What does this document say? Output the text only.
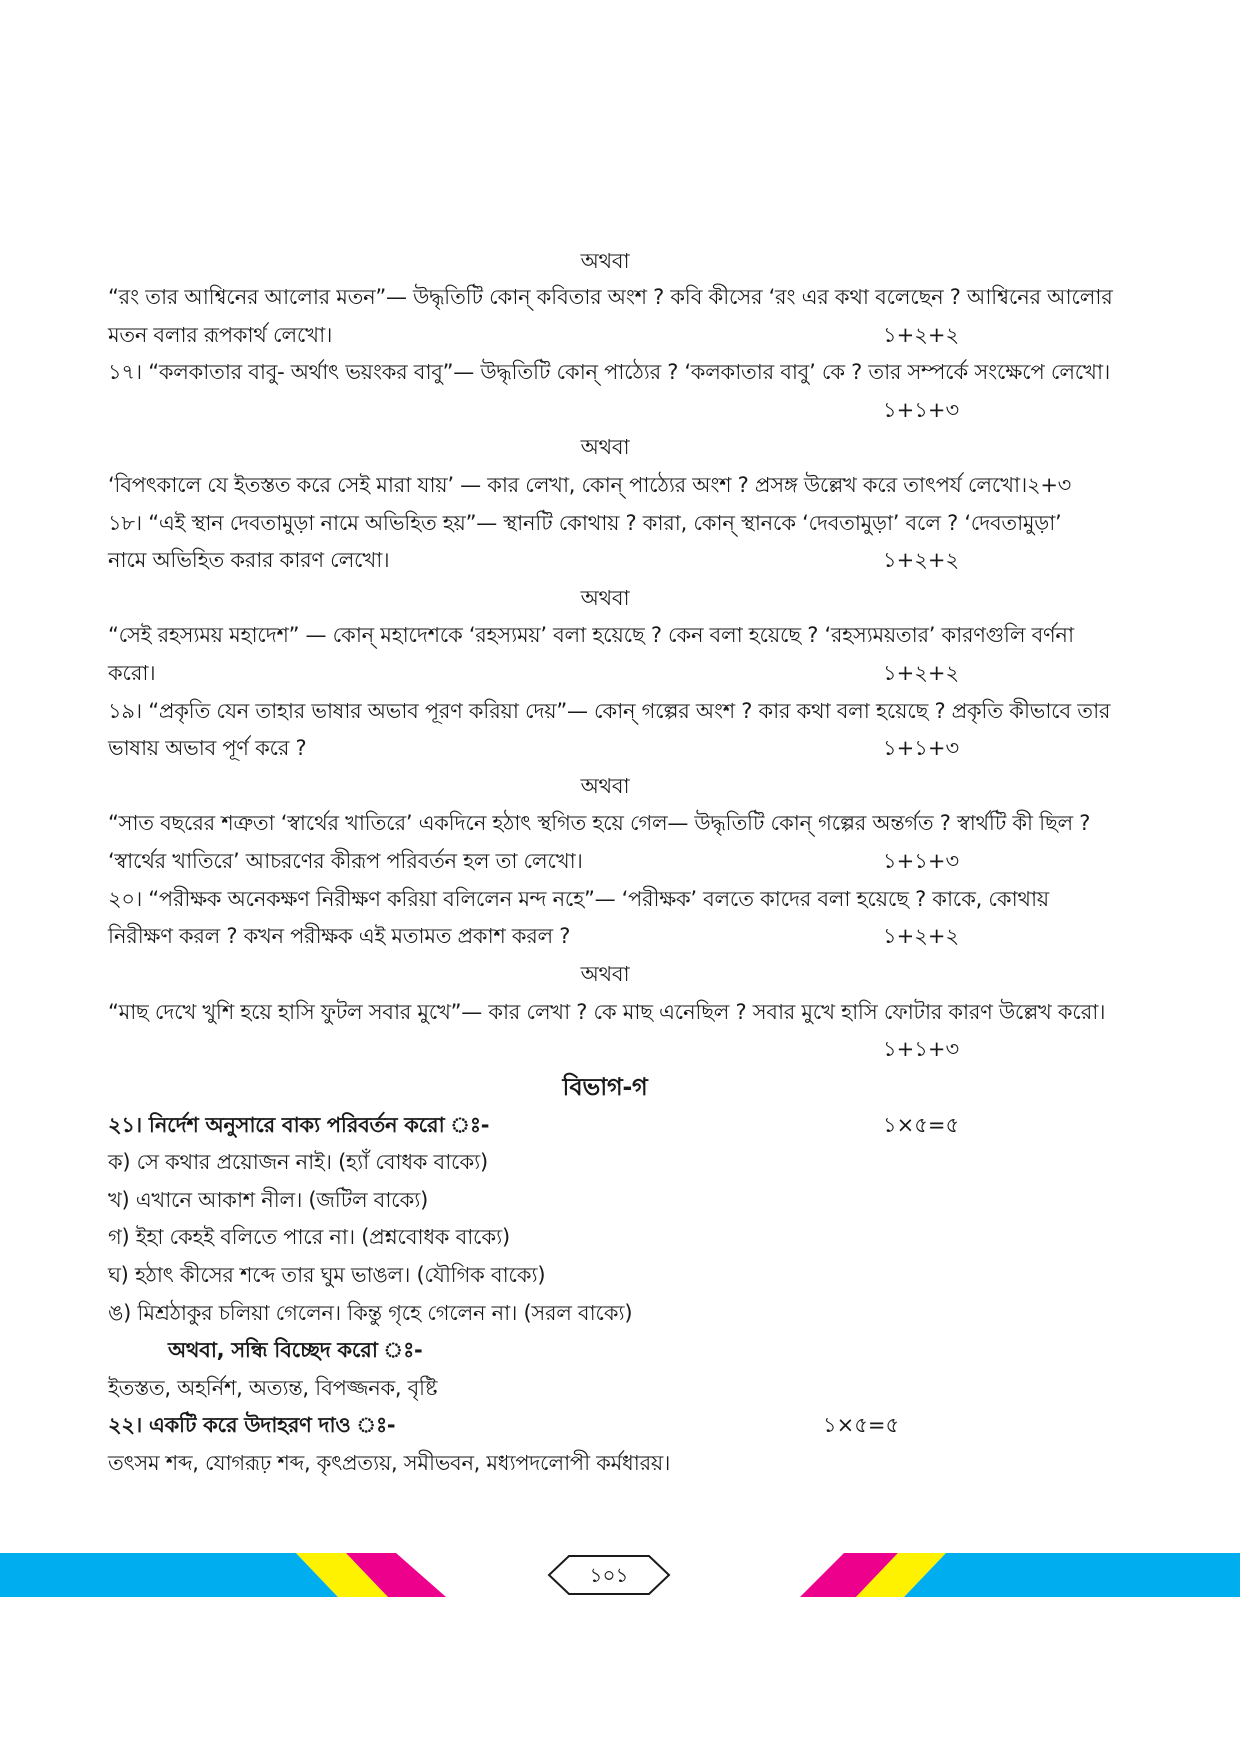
অথবা
“রং তার আশ্বিনের আলোর মতন”— উদ্ধৃতিটি কোন্ কবিতার অংশ ? কবি কীসের ‘রং এর কথা বলেছেন ? আশ্বিনের আলোর
মতন বলার রূপকার্থ লেখো।	১+২+২
১৭। “কলকাতার বাবু- অর্থাৎ ভয়ংকর বাবু”— উদ্ধৃতিটি কোন্ পাঠ্যের ? ‘কলকাতার বাবু’ কে ? তার সম্পর্কে সংক্ষেপে লেখো।
১+১+৩
অথবা
‘বিপৎকালে যে ইতস্তত করে সেই মারা যায়’ — কার লেখা, কোন্ পাঠ্যের অংশ ? প্রসঙ্গ উল্লেখ করে তাৎপর্য লেখো।২+৩
১৮। “এই স্থান দেবতামুড়া নামে অভিহিত হয়”— স্থানটি কোথায় ? কারা, কোন্ স্থানকে ‘দেবতামুড়া’ বলে ? ‘দেবতামুড়া’
নামে অভিহিত করার কারণ লেখো।	১+২+২
অথবা
“সেই রহস্যময় মহাদেশ” — কোন্ মহাদেশকে ‘রহস্যময়’ বলা হয়েছে ? কেন বলা হয়েছে ? ‘রহস্যময়তার’ কারণগুলি বর্ণনা
করো।	১+২+২
১৯। “প্রকৃতি যেন তাহার ভাষার অভাব পূরণ করিয়া দেয়”— কোন্ গল্পের অংশ ? কার কথা বলা হয়েছে ? প্রকৃতি কীভাবে তার
ভাষায় অভাব পূর্ণ করে ?	১+১+৩
অথবা
“সাত বছরের শত্রুতা ‘স্বার্থের খাতিরে’ একদিনে হঠাৎ স্থগিত হয়ে গেল— উদ্ধৃতিটি কোন্ গল্পের অন্তর্গত ? স্বার্থটি কী ছিল ?
‘স্বার্থের খাতিরে’ আচরণের কীরূপ পরিবর্তন হল তা লেখো।	১+১+৩
২০। “পরীক্ষক অনেকক্ষণ নিরীক্ষণ করিয়া বলিলেন মন্দ নহে”— ‘পরীক্ষক’ বলতে কাদের বলা হয়েছে ? কাকে, কোথায়
নিরীক্ষণ করল ? কখন পরীক্ষক এই মতামত প্রকাশ করল ?	১+২+২
অথবা
“মাছ দেখে খুশি হয়ে হাসি ফুটল সবার মুখে”— কার লেখা ? কে মাছ এনেছিল ? সবার মুখে হাসি ফোটার কারণ উল্লেখ করো।
১+১+৩
বিভাগ-গ
২১। নির্দেশ অনুসারে বাক্য পরিবর্তন করো ঃ-	১×৫=৫
ক) সে কথার প্রয়োজন নাই। (হ্যাঁ বোধক বাক্যে)
খ) এখানে আকাশ নীল। (জটিল বাক্যে)
গ) ইহা কেহই বলিতে পারে না। (প্রশ্নবোধক বাক্যে)
ঘ) হঠাৎ কীসের শব্দে তার ঘুম ভাঙল। (যৌগিক বাক্যে)
ঙ) মিশ্রঠাকুর চলিয়া গেলেন। কিন্তু গৃহে গেলেন না। (সরল বাক্যে)
অথবা, সন্ধি বিচ্ছেদ করো ঃ-
ইতস্তত, অহর্নিশ, অত্যন্ত, বিপজ্জনক, বৃষ্টি
২২। একটি করে উদাহরণ দাও ঃ-	১×৫=৫
তৎসম শব্দ, যোগরূঢ় শব্দ, কৃৎপ্রত্যয়, সমীভবন, মধ্যপদলোপী কর্মধারয়।
১০১
